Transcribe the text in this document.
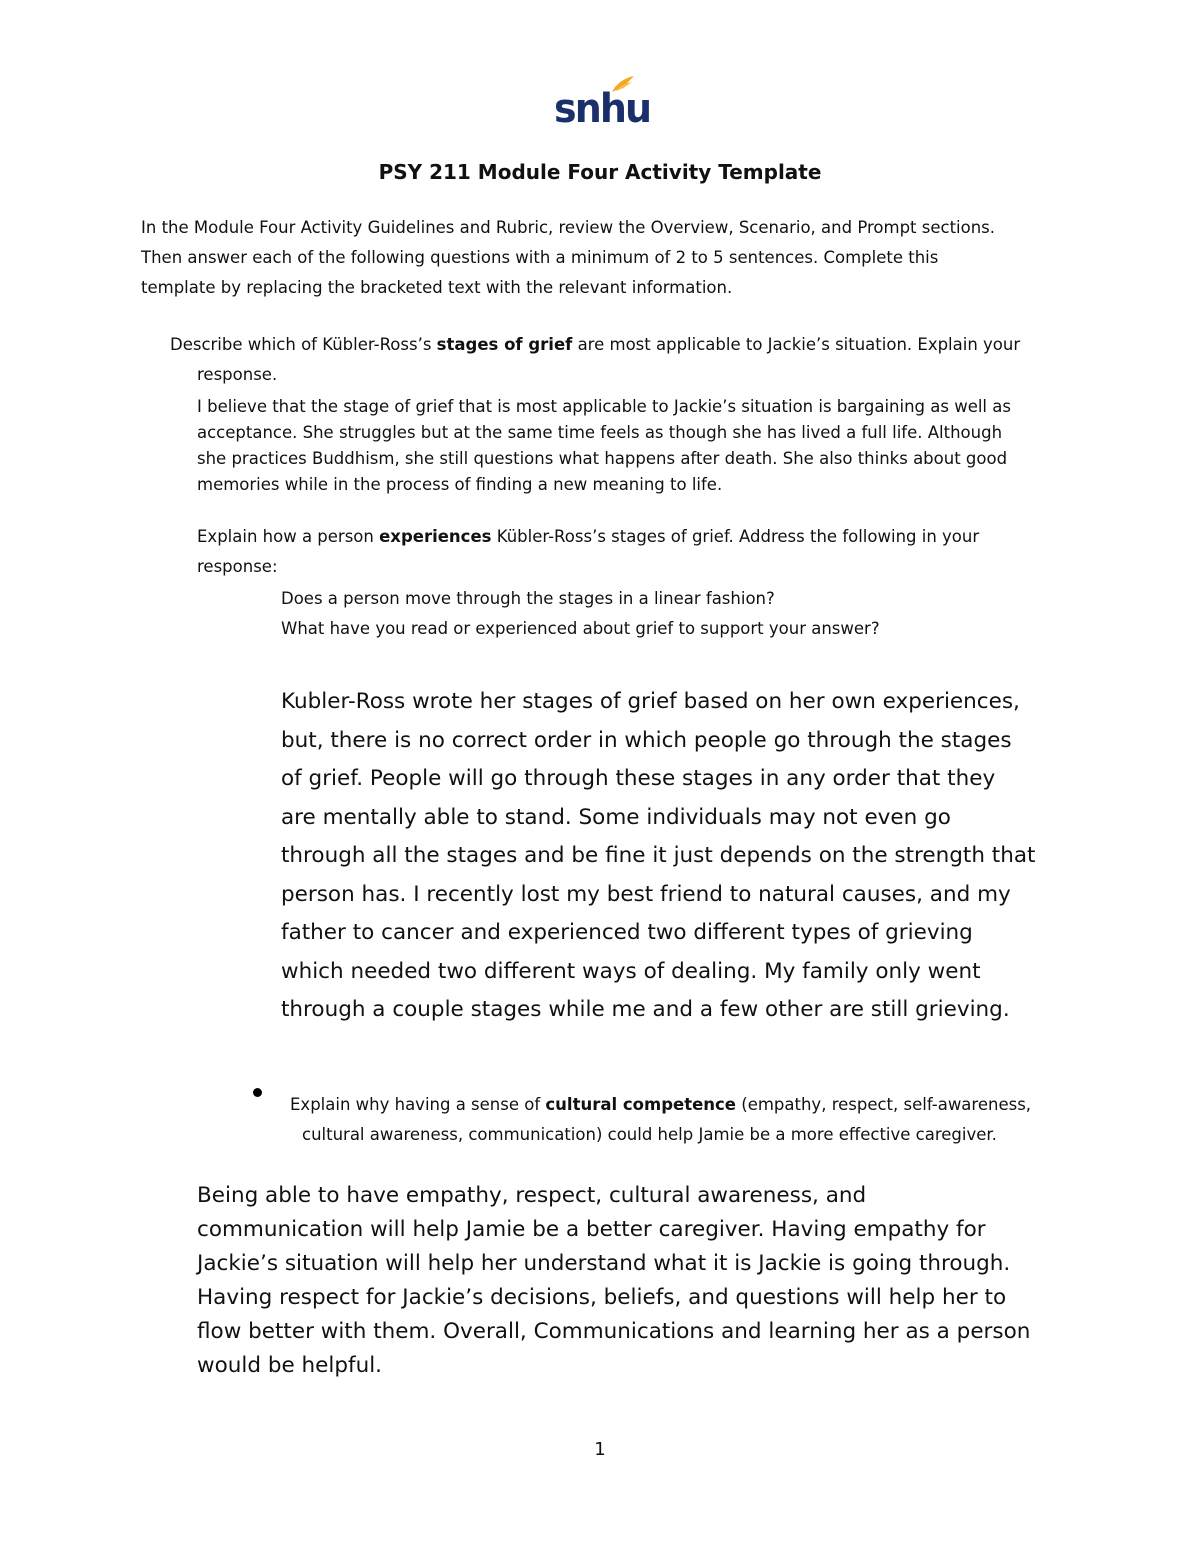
snhu
PSY 211 Module Four Activity Template
In the Module Four Activity Guidelines and Rubric, review the Overview, Scenario, and Prompt sections.
Then answer each of the following questions with a minimum of 2 to 5 sentences. Complete this
template by replacing the bracketed text with the relevant information.
Describe which of Kübler-Ross’s stages of grief are most applicable to Jackie’s situation. Explain your
response.
I believe that the stage of grief that is most applicable to Jackie’s situation is bargaining as well as
acceptance. She struggles but at the same time feels as though she has lived a full life. Although
she practices Buddhism, she still questions what happens after death. She also thinks about good
memories while in the process of finding a new meaning to life.
Explain how a person experiences Kübler-Ross’s stages of grief. Address the following in your
response:
Does a person move through the stages in a linear fashion?
What have you read or experienced about grief to support your answer?
Kubler-Ross wrote her stages of grief based on her own experiences,
but, there is no correct order in which people go through the stages
of grief. People will go through these stages in any order that they
are mentally able to stand. Some individuals may not even go
through all the stages and be fine it just depends on the strength that
person has. I recently lost my best friend to natural causes, and my
father to cancer and experienced two different types of grieving
which needed two different ways of dealing. My family only went
through a couple stages while me and a few other are still grieving.
Explain why having a sense of cultural competence (empathy, respect, self-awareness,
cultural awareness, communication) could help Jamie be a more effective caregiver.
Being able to have empathy, respect, cultural awareness, and
communication will help Jamie be a better caregiver. Having empathy for
Jackie’s situation will help her understand what it is Jackie is going through.
Having respect for Jackie’s decisions, beliefs, and questions will help her to
flow better with them. Overall, Communications and learning her as a person
would be helpful.
1
